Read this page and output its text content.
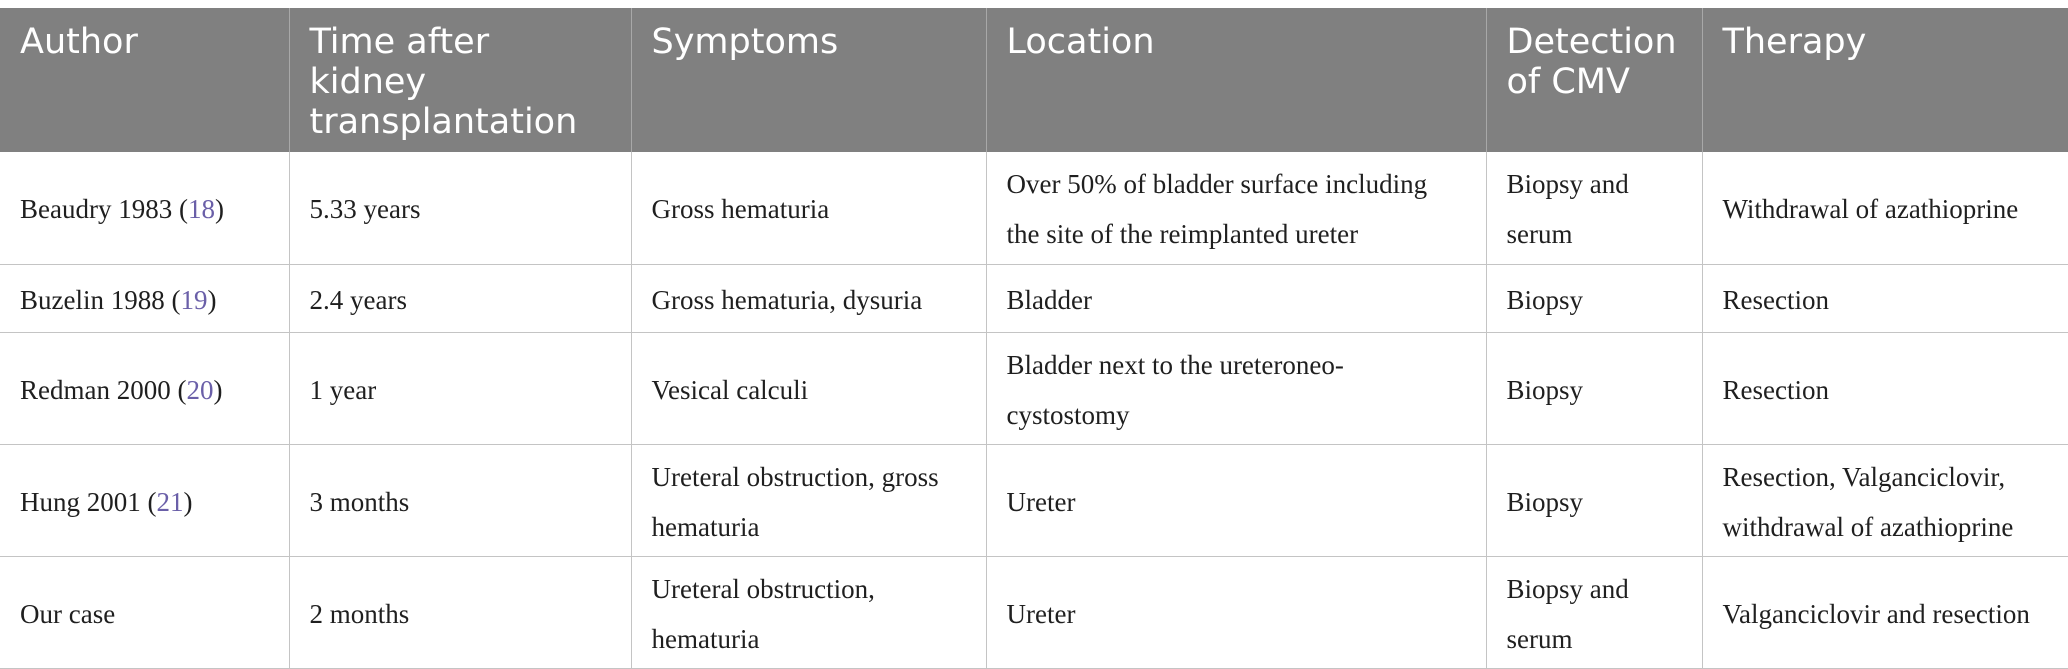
Author	Time after kidney transplantation	Symptoms	Location	Detection of CMV	Therapy
Beaudry 1983 (18)	5.33 years	Gross hematuria	Over 50% of bladder surface including the site of the reimplanted ureter	Biopsy and serum	Withdrawal of azathioprine
Buzelin 1988 (19)	2.4 years	Gross hematuria, dysuria	Bladder	Biopsy	Resection
Redman 2000 (20)	1 year	Vesical calculi	Bladder next to the ureteroneo-cystostomy	Biopsy	Resection
Hung 2001 (21)	3 months	Ureteral obstruction, gross hematuria	Ureter	Biopsy	Resection, Valganciclovir, withdrawal of azathioprine
Our case	2 months	Ureteral obstruction, hematuria	Ureter	Biopsy and serum	Valganciclovir and resection
